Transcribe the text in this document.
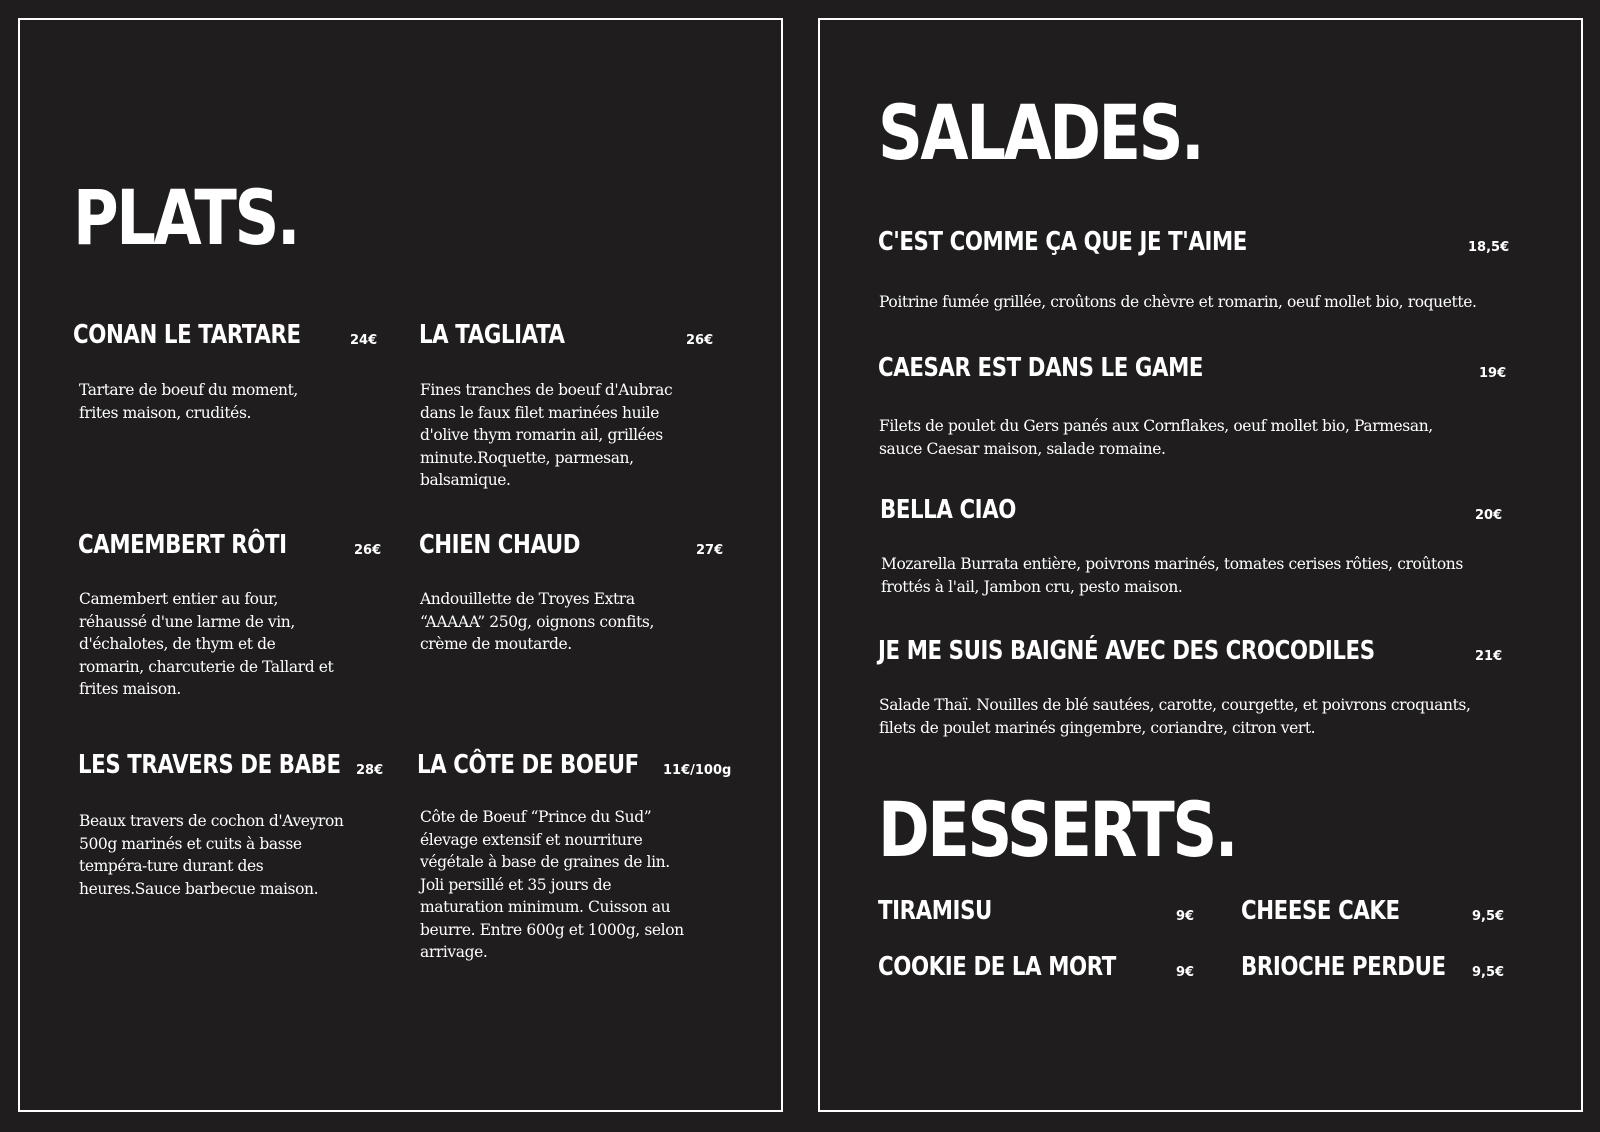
PLATS.
CONAN LE TARTARE	24€

Tartare de boeuf du moment, frites maison, crudités.

LA TAGLIATA	26€

Fines tranches de boeuf d'Aubrac dans le faux filet marinées huile d'olive thym romarin ail, grillées minute.Roquette, parmesan, balsamique.

CAMEMBERT RÔTI	26€

Camembert entier au four, réhaussé d'une larme de vin, d'échalotes, de thym et de romarin, charcuterie de Tallard et frites maison.

CHIEN CHAUD	27€

Andouillette de Troyes Extra “AAAAA” 250g, oignons confits, crème de moutarde.

LES TRAVERS DE BABE 28€

Beaux travers de cochon d'Aveyron 500g marinés et cuits à basse tempéra-ture durant des heures.Sauce barbecue maison.

LA CÔTE DE BOEUF 11€/100g

Côte de Boeuf “Prince du Sud” élevage extensif et nourriture végétale à base de graines de lin. Joli persillé et 35 jours de maturation minimum. Cuisson au beurre. Entre 600g et 1000g, selon arrivage.

SALADES.
C'EST COMME ÇA QUE JE T'AIME	18,5€

Poitrine fumée grillée, croûtons de chèvre et romarin, oeuf mollet bio, roquette.

CAESAR EST DANS LE GAME	19€

Filets de poulet du Gers panés aux Cornflakes, oeuf mollet bio, Parmesan, sauce Caesar maison, salade romaine.

BELLA CIAO	20€

Mozarella Burrata entière, poivrons marinés, tomates cerises rôties, croûtons frottés à l'ail, Jambon cru, pesto maison.

JE ME SUIS BAIGNÉ AVEC DES CROCODILES	21€

Salade Thaï. Nouilles de blé sautées, carotte, courgette, et poivrons croquants, filets de poulet marinés gingembre, coriandre, citron vert.

DESSERTS.
TIRAMISU	9€ CHEESE CAKE	9,5€
COOKIE DE LA MORT	9€ BRIOCHE PERDUE 9,5€
